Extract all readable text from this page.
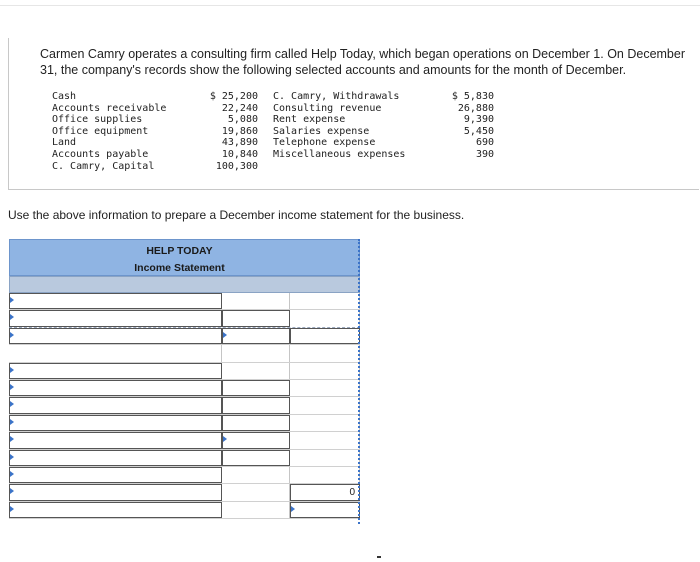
Carmen Camry operates a consulting firm called Help Today, which began operations on December 1. On December 31, the company's records show the following selected accounts and amounts for the month of December.
Cash
Accounts receivable
Office supplies
Office equipment
Land
Accounts payable
C. Camry, Capital
$ 25,200
22,240
5,080
19,860
43,890
10,840
100,300
C. Camry, Withdrawals
Consulting revenue
Rent expense
Salaries expense
Telephone expense
Miscellaneous expenses
$ 5,830
26,880
9,390
5,450
690
390
Use the above information to prepare a December income statement for the business.
HELP TODAY
Income Statement
0
